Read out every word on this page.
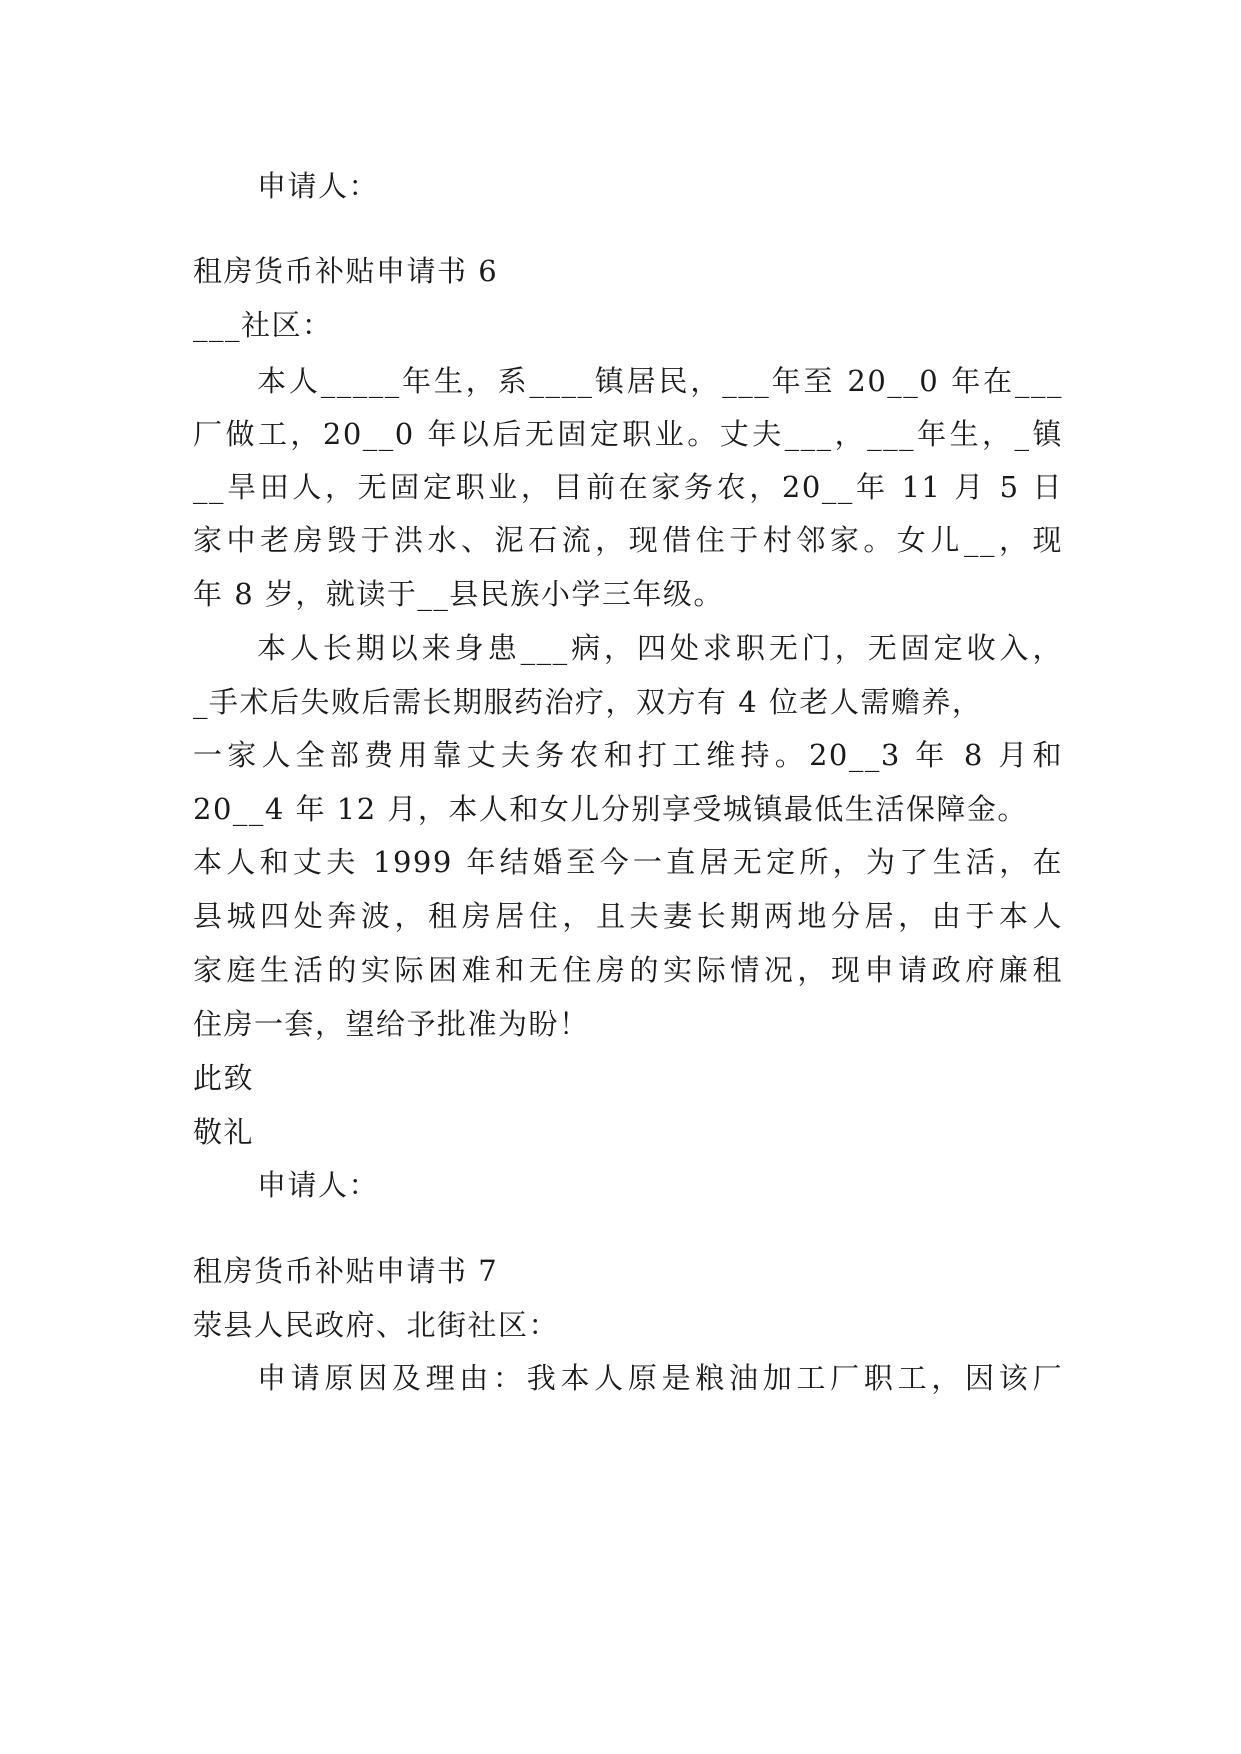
申请人：
租房货币补贴申请书 6
___社区：
本人_____年生，系____镇居民，___年至 20__0 年在___
厂做工，20__0 年以后无固定职业。丈夫___，___年生，_镇
__旱田人，无固定职业，目前在家务农，20__年 11 月 5 日
家中老房毁于洪水、泥石流，现借住于村邻家。女儿__，现
年 8 岁，就读于__县民族小学三年级。
本人长期以来身患___病，四处求职无门，无固定收入，
_手术后失败后需长期服药治疗，双方有 4 位老人需赡养，
一家人全部费用靠丈夫务农和打工维持。20__3 年 8 月和
20__4 年 12 月，本人和女儿分别享受城镇最低生活保障金。
本人和丈夫 1999 年结婚至今一直居无定所，为了生活，在
县城四处奔波，租房居住，且夫妻长期两地分居，由于本人
家庭生活的实际困难和无住房的实际情况，现申请政府廉租
住房一套，望给予批准为盼！
此致
敬礼
申请人：
租房货币补贴申请书 7
荥县人民政府、北街社区：
申请原因及理由：我本人原是粮油加工厂职工，因该厂
